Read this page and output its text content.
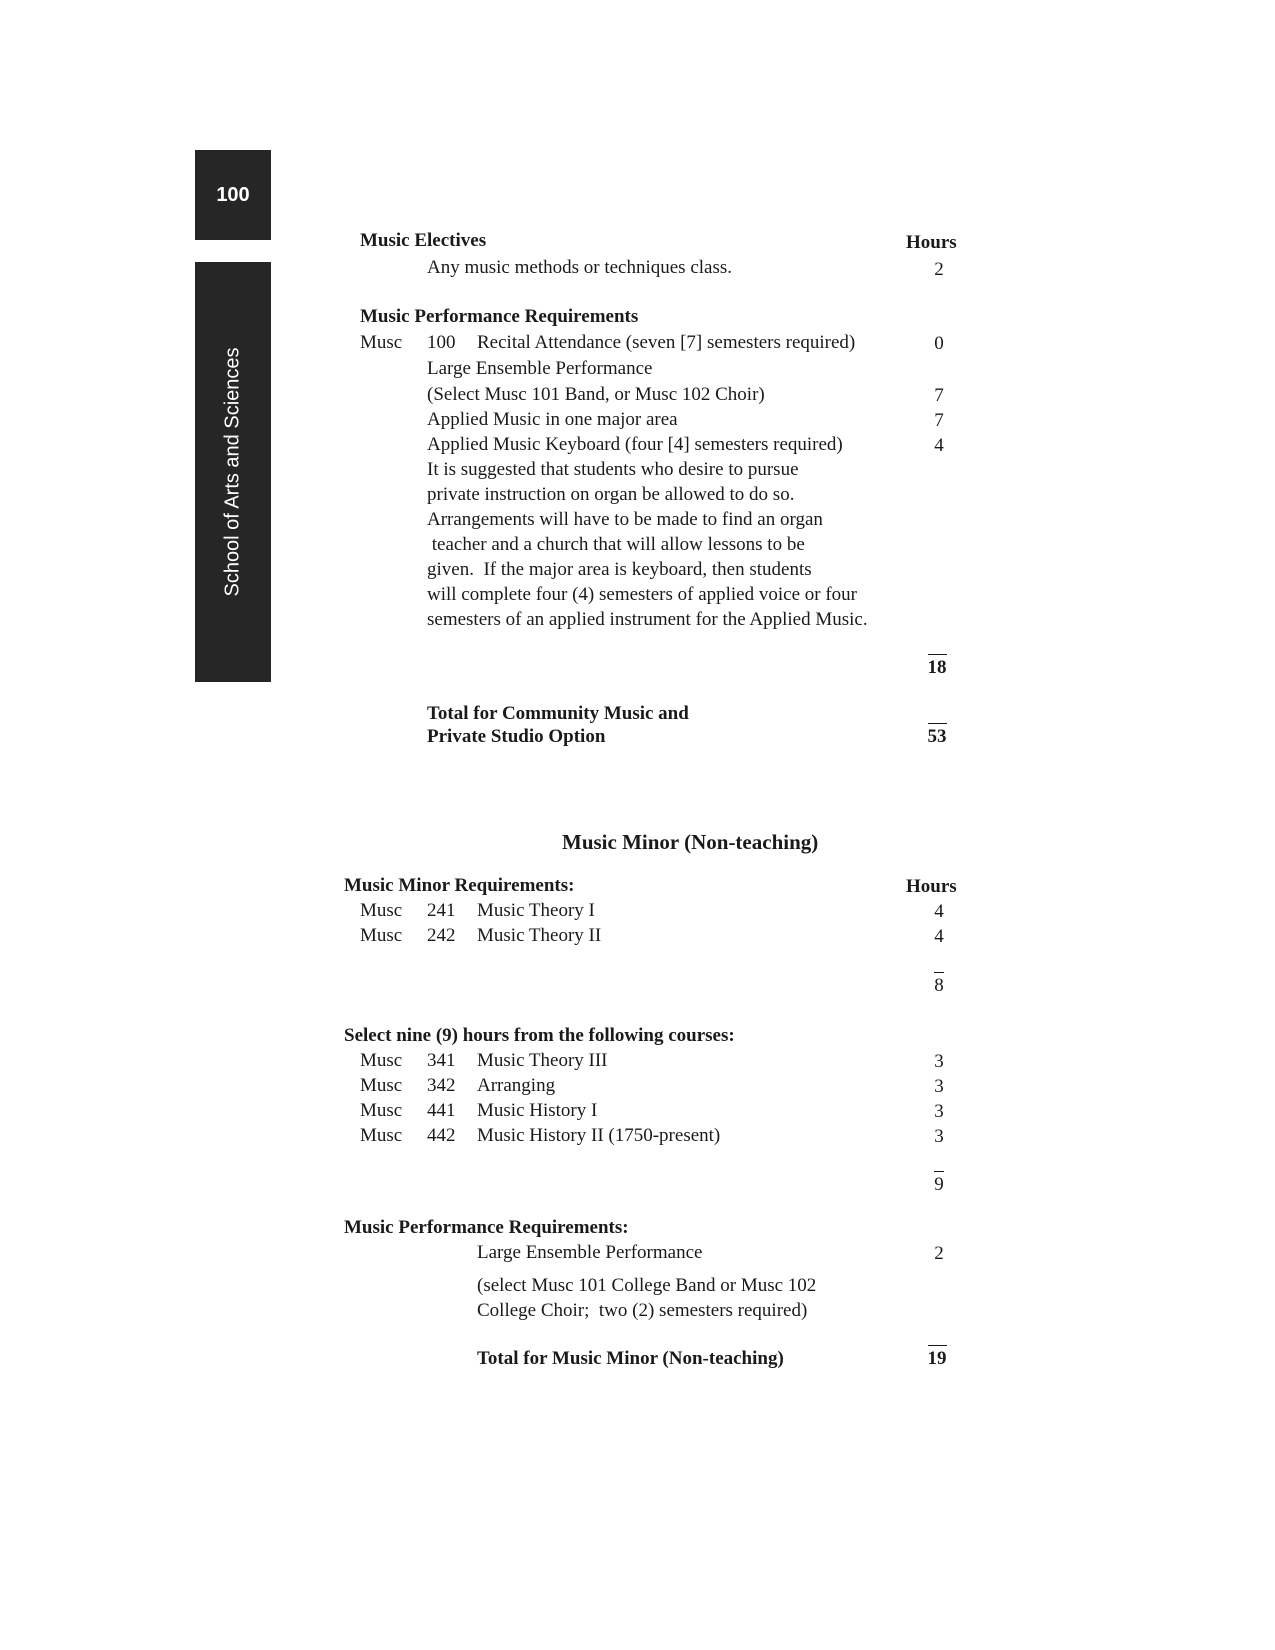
100
School of Arts and Sciences
Music Electives	Hours
Any music methods or techniques class.	2
Music Performance Requirements
Musc 100 Recital Attendance (seven [7] semesters required)	0
Large Ensemble Performance
(Select Musc 101 Band, or Musc 102 Choir)	7
Applied Music in one major area	7
Applied Music Keyboard (four [4] semesters required)	4
It is suggested that students who desire to pursue
private instruction on organ be allowed to do so.
Arrangements will have to be made to find an organ
teacher and a church that will allow lessons to be
given.  If the major area is keyboard, then students
will complete four (4) semesters of applied voice or four
semesters of an applied instrument for the Applied Music.
18
Total for Community Music and
Private Studio Option	53
Music Minor (Non-teaching)
Music Minor Requirements:	Hours
Musc 241 Music Theory I	4
Musc 242 Music Theory II	4
8
Select nine (9) hours from the following courses:
Musc 341 Music Theory III	3
Musc 342 Arranging	3
Musc 441 Music History I	3
Musc 442 Music History II (1750-present)	3
9
Music Performance Requirements:
Large Ensemble Performance	2
(select Musc 101 College Band or Musc 102
College Choir;  two (2) semesters required)
Total for Music Minor (Non-teaching)	19
